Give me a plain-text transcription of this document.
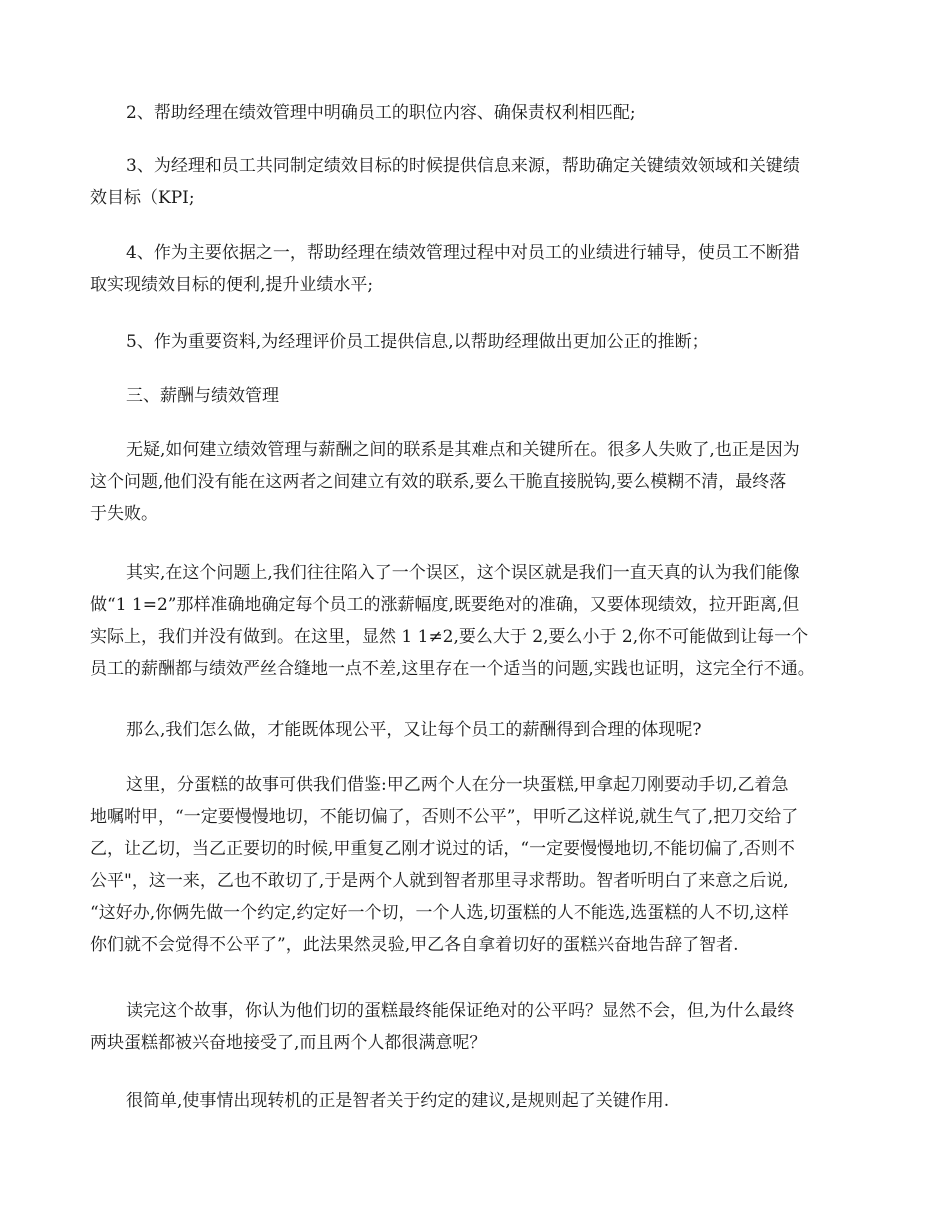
2、帮助经理在绩效管理中明确员工的职位内容、确保责权利相匹配;
3、为经理和员工共同制定绩效目标的时候提供信息来源，帮助确定关键绩效领域和关键绩
效目标（KPI;
4、作为主要依据之一，帮助经理在绩效管理过程中对员工的业绩进行辅导，使员工不断猎
取实现绩效目标的便利,提升业绩水平;
5、作为重要资料,为经理评价员工提供信息,以帮助经理做出更加公正的推断；
三、薪酬与绩效管理
无疑,如何建立绩效管理与薪酬之间的联系是其难点和关键所在。很多人失败了,也正是因为
这个问题,他们没有能在这两者之间建立有效的联系,要么干脆直接脱钩,要么模糊不清，最终落
于失败。
其实,在这个问题上,我们往往陷入了一个误区，这个误区就是我们一直天真的认为我们能像
做“1 1=2”那样准确地确定每个员工的涨薪幅度,既要绝对的准确，又要体现绩效，拉开距离,但
实际上，我们并没有做到。在这里，显然 1 1≠2,要么大于 2,要么小于 2,你不可能做到让每一个
员工的薪酬都与绩效严丝合缝地一点不差,这里存在一个适当的问题,实践也证明，这完全行不通。
那么,我们怎么做，才能既体现公平，又让每个员工的薪酬得到合理的体现呢?
这里，分蛋糕的故事可供我们借鉴:甲乙两个人在分一块蛋糕,甲拿起刀刚要动手切,乙着急
地嘱咐甲，“一定要慢慢地切，不能切偏了，否则不公平”，甲听乙这样说,就生气了,把刀交给了
乙，让乙切，当乙正要切的时候,甲重复乙刚才说过的话，“一定要慢慢地切,不能切偏了,否则不
公平"，这一来，乙也不敢切了,于是两个人就到智者那里寻求帮助。智者听明白了来意之后说,
“这好办,你俩先做一个约定,约定好一个切，一个人选,切蛋糕的人不能选,选蛋糕的人不切,这样
你们就不会觉得不公平了”，此法果然灵验,甲乙各自拿着切好的蛋糕兴奋地告辞了智者.
读完这个故事，你认为他们切的蛋糕最终能保证绝对的公平吗？显然不会，但,为什么最终
两块蛋糕都被兴奋地接受了,而且两个人都很满意呢？
很简单,使事情出现转机的正是智者关于约定的建议,是规则起了关键作用.
